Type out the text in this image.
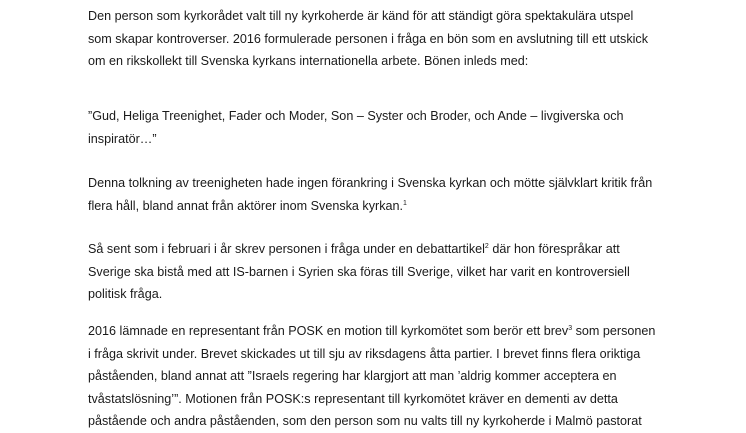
Den person som kyrkorådet valt till ny kyrkoherde är känd för att ständigt göra spektakulära utspel
som skapar kontroverser. 2016 formulerade personen i fråga en bön som en avslutning till ett utskick
om en rikskollekt till Svenska kyrkans internationella arbete. Bönen inleds med:

”Gud, Heliga Treenighet, Fader och Moder, Son – Syster och Broder, och Ande – livgiverska och
inspiratör…”

Denna tolkning av treenigheten hade ingen förankring i Svenska kyrkan och mötte självklart kritik från
flera håll, bland annat från aktörer inom Svenska kyrkan.$^1$

Så sent som i februari i år skrev personen i fråga under en debattartikel$^2$ där hon förespråkar att
Sverige ska bistå med att IS-barnen i Syrien ska föras till Sverige, vilket har varit en kontroversiell
politisk fråga.

2016 lämnade en representant från POSK en motion till kyrkomötet som berör ett brev$^3$ som personen
i fråga skrivit under. Brevet skickades ut till sju av riksdagens åtta partier. I brevet finns flera oriktiga
påståenden, bland annat att ”Israels regering har klargjort att man ’aldrig kommer acceptera en
tvåstatslösning’”. Motionen från POSK:s representant till kyrkomötet kräver en dementi av detta
påstående och andra påståenden, som den person som nu valts till ny kyrkoherde i Malmö pastorat
